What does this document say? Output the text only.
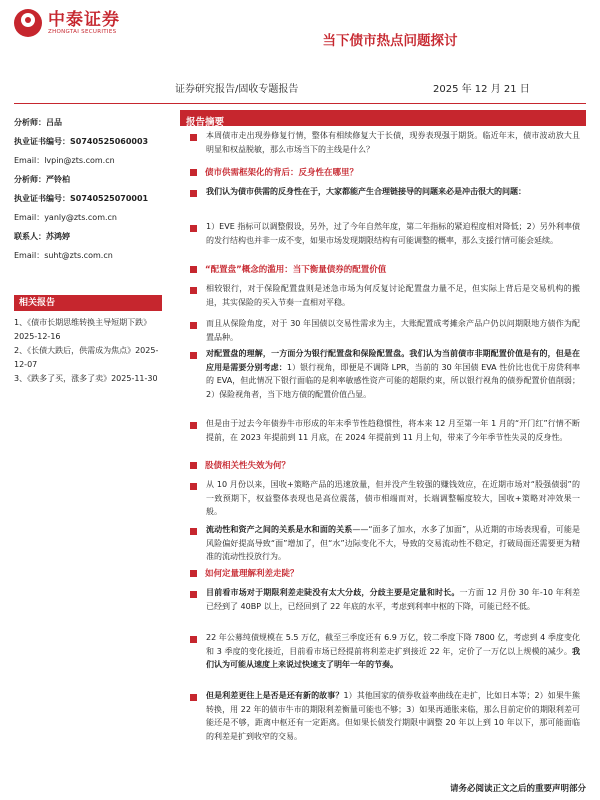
中泰证券
ZHONGTAI SECURITIES
当下债市热点问题探讨
证券研究报告/固收专题报告	2025 年 12 月 21 日
分析师：吕品
执业证书编号：S0740525060003
Email：lvpin@zts.com.cn
分析师：严铃柏
执业证书编号：S0740525070001
Email：yanly@zts.com.cn
联系人：苏鸿婷
Email：suht@zts.com.cn
相关报告
1、《债市长期思维转换主导短期下跌》2025-12-16
2、《长债大跌后，供需成为焦点》2025-12-07
3、《跌多了买，涨多了卖》2025-11-30
报告摘要
本周债市走出现券修复行情，整体有相续修复大于长债，现券表现强于期货。临近年末，债市波动放大且明显和权益脱敏，那么市场当下的主线是什么？
债市供需框架化的背后：反身性在哪里？
我们认为债市供需的反身性在于，大家都能产生合理链接导的问题来必是冲击很大的问题：
1）EVE 指标可以调整假设，另外，过了今年自然年度，第二年指标的紧迫程度相对降低；2）另外利率债的发行结构也并非一成不变，如果市场发现期限结构有可能调整的概率，那么支援行情可能会延续。
“配置盘”概念的滥用：当下衡量债券的配置价值
相较银行，对于保险配置盘则是述急市场为何反复讨论配置盘力量不足，但实际上背后是交易机构的搬退，其实保险的买入节奏一直相对平稳。
而且从保险角度，对于 30 年国债以交易性需求为主，大账配置成考摊余产品户仍以问期限地方债作为配置品种。
对配置盘的理解，一方面分为银行配置盘和保险配置盘。我们认为当前债市非期配置价值是有的，但是在应用是需要分别考虑：1）银行视角，即便是不调降 LPR，当前的 30 年国债 EVA 性价比也优于房贷利率的 EVA，但此情况下银行面临的是利率敏感性资产可能的超限约束，所以银行视角的债券配置价值削弱；2）保险视角者，当下地方债的配置价值凸显。
但是由于过去今年债券牛市形成的年末季节性趋稳惯性，将本来 12 月至第一年 1 月的“开门红”行情不断提前，在 2023 年提前到 11 月底，在 2024 年提前到 11 月上旬，带来了今年季节性失灵的反身性。
股债相关性失效为何？
从 10 月份以来，国收+策略产品的迅速放量，但并没产生较强的赚钱效应，在近期市场对“股强债弱”的一致预期下，权益整体表现也是高位震荡，债市相端而对，长端调整幅度较大，国收+策略对冲效果一般。
流动性和资产之间的关系是水和面的关系——“面多了加水，水多了加面”，从近期的市场表现看，可能是风险偏好提高导致“面”增加了，但“水”边际变化不大，导致的交易流动性不稳定，打破局面还需要更为精准的流动性投放行为。
如何定量理解利差走陡？
目前看市场对于期限利差走陡没有太大分歧，分歧主要是定量和时长。一方面 12 月份 30 年-10 年利差已经到了 40BP 以上，已经回到了 22 年底的水平，考虑到利率中枢的下降，可能已经不低。
22 年公募纯债规模在 5.5 万亿，截至三季度还有 6.9 万亿，较二季度下降 7800 亿，考虑到 4 季度变化和 3 季度的变化接近，目前看市场已经提前将利差走扩到接近 22 年，定价了一万亿以上规模的减少。我们认为可能从速度上来说过快速支了明年一年的节奏。
但是利差更往上是否是还有新的故事？1）其他国家的债券收益率曲线在走扩，比如日本等；2）如果牛熊转换，用 22 年的债市牛市的期限利差衡量可能也不够；3）如果再通胀来临，那么目前定价的期限利差可能还是不够，距离中枢还有一定距离。但如果长债发行期限中调整 20 年以上到 10 年以下，那可能面临的利差是扩到收窄的交易。
请务必阅读正文之后的重要声明部分
